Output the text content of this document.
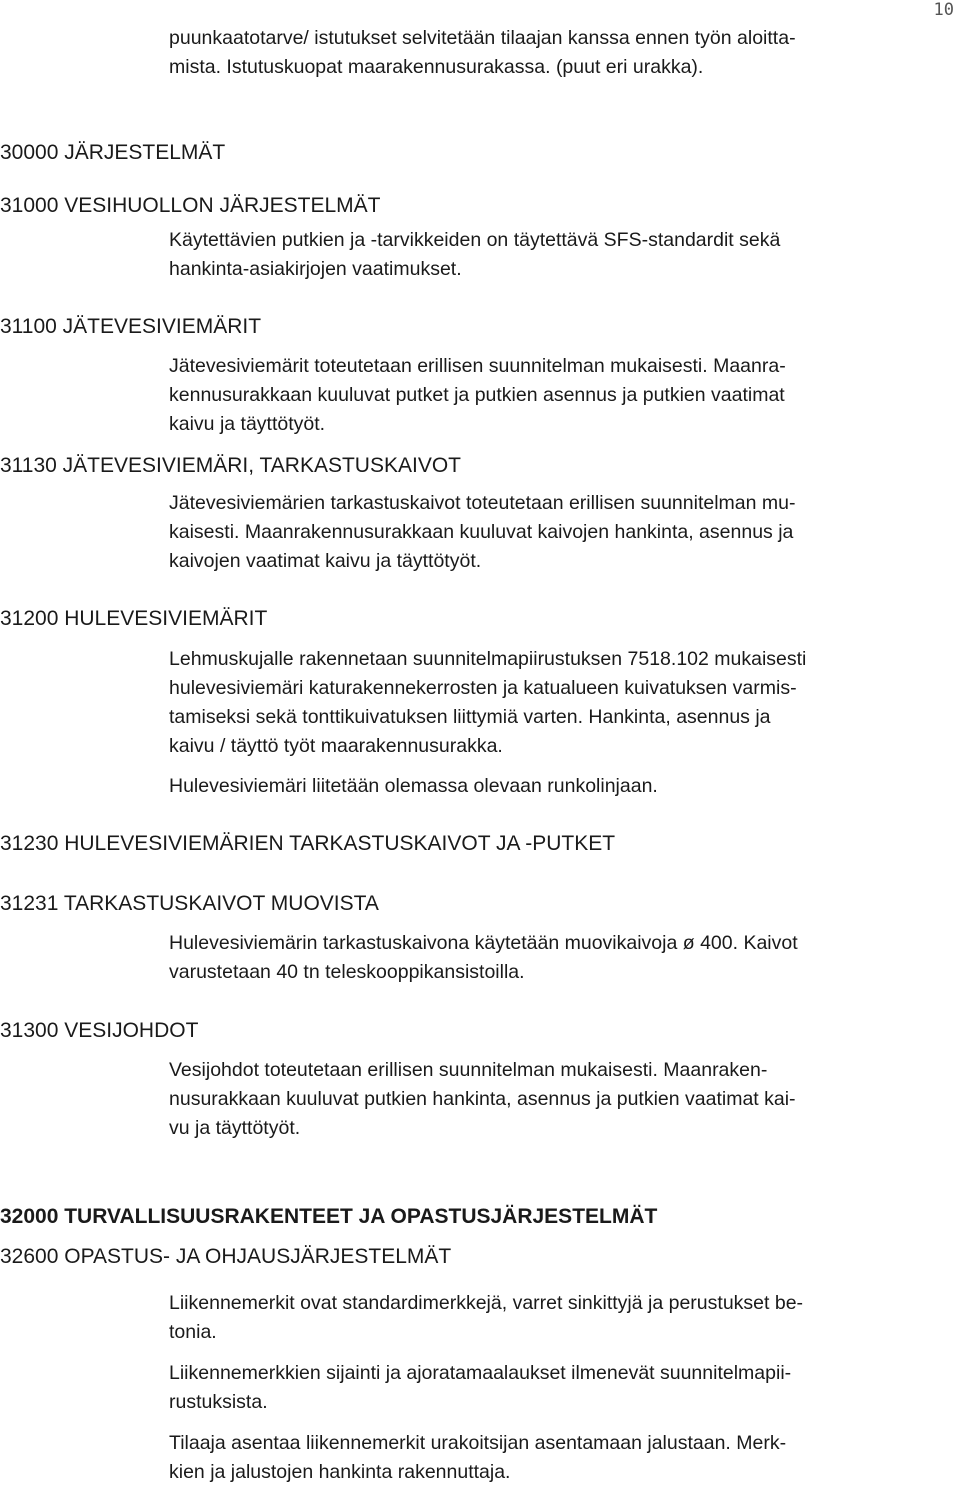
10

puunkaatotarve/ istutukset selvitetään tilaajan kanssa ennen työn aloitta-
mista. Istutuskuopat maarakennusurakassa. (puut eri urakka).

30000 JÄRJESTELMÄT
31000 VESIHUOLLON JÄRJESTELMÄT

Käytettävien putkien ja -tarvikkeiden on täytettävä SFS-standardit sekä
hankinta-asiakirjojen vaatimukset.

31100 JÄTEVESIVIEMÄRIT

Jätevesiviemärit toteutetaan erillisen suunnitelman mukaisesti. Maanra-
kennusurakkaan kuuluvat putket ja putkien asennus ja putkien vaatimat
kaivu ja täyttötyöt.

31130 JÄTEVESIVIEMÄRI, TARKASTUSKAIVOT

Jätevesiviemärien tarkastuskaivot toteutetaan erillisen suunnitelman mu-
kaisesti. Maanrakennusurakkaan kuuluvat kaivojen hankinta, asennus ja
kaivojen vaatimat kaivu ja täyttötyöt.

31200 HULEVESIVIEMÄRIT

Lehmuskujalle rakennetaan suunnitelmapiirustuksen 7518.102 mukaisesti
hulevesiviemäri katurakennekerrosten ja katualueen kuivatuksen varmis-
tamiseksi sekä tonttikuivatuksen liittymiä varten. Hankinta, asennus ja
kaivu / täyttö työt maarakennusurakka.

Hulevesiviemäri liitetään olemassa olevaan runkolinjaan.

31230 HULEVESIVIEMÄRIEN TARKASTUSKAIVOT JA -PUTKET
31231 TARKASTUSKAIVOT MUOVISTA

Hulevesiviemärin tarkastuskaivona käytetään muovikaivoja ø 400. Kaivot
varustetaan 40 tn teleskooppikansistoilla.

31300 VESIJOHDOT

Vesijohdot toteutetaan erillisen suunnitelman mukaisesti. Maanraken-
nusurakkaan kuuluvat putkien hankinta, asennus ja putkien vaatimat kai-
vu ja täyttötyöt.

32000 TURVALLISUUSRAKENTEET JA OPASTUSJÄRJESTELMÄT
32600 OPASTUS- JA OHJAUSJÄRJESTELMÄT

Liikennemerkit ovat standardimerkkejä, varret sinkittyjä ja perustukset be-
tonia.

Liikennemerkkien sijainti ja ajoratamaalaukset ilmenevät suunnitelmapii-
rustuksista.

Tilaaja asentaa liikennemerkit urakoitsijan asentamaan jalustaan. Merk-
kien ja jalustojen hankinta rakennuttaja.
